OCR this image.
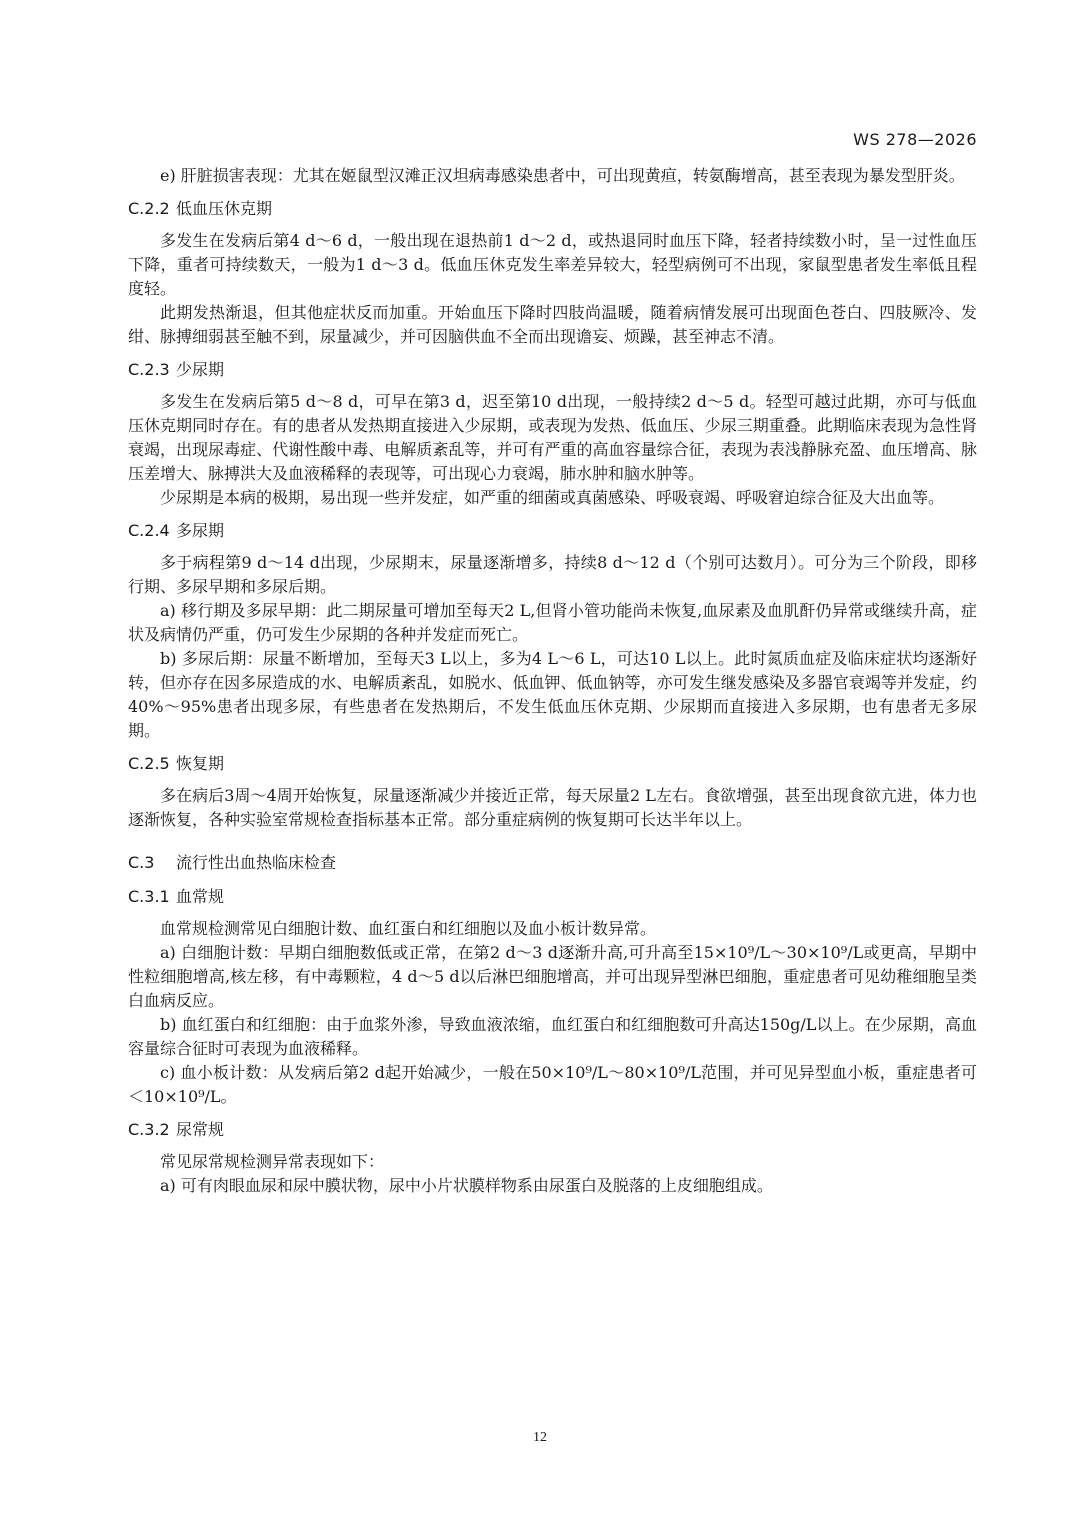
WS 278—2026

e) 肝脏损害表现：尤其在姬鼠型汉滩正汉坦病毒感染患者中，可出现黄疸，转氨酶增高，甚至表现为暴发型肝炎。

C.2.2 低血压休克期

多发生在发病后第4 d～6 d，一般出现在退热前1 d～2 d，或热退同时血压下降，轻者持续数小时，呈一过性血压下降，重者可持续数天，一般为1 d～3 d。低血压休克发生率差异较大，轻型病例可不出现，家鼠型患者发生率低且程度轻。

此期发热渐退，但其他症状反而加重。开始血压下降时四肢尚温暖，随着病情发展可出现面色苍白、四肢厥冷、发绀、脉搏细弱甚至触不到，尿量减少，并可因脑供血不全而出现谵妄、烦躁，甚至神志不清。

C.2.3 少尿期

多发生在发病后第5 d～8 d，可早在第3 d，迟至第10 d出现，一般持续2 d～5 d。轻型可越过此期，亦可与低血压休克期同时存在。有的患者从发热期直接进入少尿期，或表现为发热、低血压、少尿三期重叠。此期临床表现为急性肾衰竭，出现尿毒症、代谢性酸中毒、电解质紊乱等，并可有严重的高血容量综合征，表现为表浅静脉充盈、血压增高、脉压差增大、脉搏洪大及血液稀释的表现等，可出现心力衰竭，肺水肿和脑水肿等。

少尿期是本病的极期，易出现一些并发症，如严重的细菌或真菌感染、呼吸衰竭、呼吸窘迫综合征及大出血等。

C.2.4 多尿期

多于病程第9 d～14 d出现，少尿期末，尿量逐渐增多，持续8 d～12 d（个别可达数月）。可分为三个阶段，即移行期、多尿早期和多尿后期。

a) 移行期及多尿早期：此二期尿量可增加至每天2 L,但肾小管功能尚未恢复,血尿素及血肌酐仍异常或继续升高，症状及病情仍严重，仍可发生少尿期的各种并发症而死亡。

b) 多尿后期：尿量不断增加，至每天3 L以上，多为4 L～6 L，可达10 L以上。此时氮质血症及临床症状均逐渐好转，但亦存在因多尿造成的水、电解质紊乱，如脱水、低血钾、低血钠等，亦可发生继发感染及多器官衰竭等并发症，约40%～95%患者出现多尿，有些患者在发热期后，不发生低血压休克期、少尿期而直接进入多尿期，也有患者无多尿期。

C.2.5 恢复期

多在病后3周～4周开始恢复，尿量逐渐减少并接近正常，每天尿量2 L左右。食欲增强，甚至出现食欲亢进，体力也逐渐恢复，各种实验室常规检查指标基本正常。部分重症病例的恢复期可长达半年以上。

C.3 流行性出血热临床检查
C.3.1 血常规

血常规检测常见白细胞计数、血红蛋白和红细胞以及血小板计数异常。

a) 白细胞计数：早期白细胞数低或正常，在第2 d～3 d逐渐升高,可升高至15×10⁹/L～30×10⁹/L或更高，早期中性粒细胞增高,核左移，有中毒颗粒，4 d～5 d以后淋巴细胞增高，并可出现异型淋巴细胞，重症患者可见幼稚细胞呈类白血病反应。

b) 血红蛋白和红细胞：由于血浆外渗，导致血液浓缩，血红蛋白和红细胞数可升高达150g/L以上。在少尿期，高血容量综合征时可表现为血液稀释。

c) 血小板计数：从发病后第2 d起开始减少，一般在50×10⁹/L～80×10⁹/L范围，并可见异型血小板，重症患者可＜10×10⁹/L。

C.3.2 尿常规

常见尿常规检测异常表现如下：

a) 可有肉眼血尿和尿中膜状物，尿中小片状膜样物系由尿蛋白及脱落的上皮细胞组成。

12
